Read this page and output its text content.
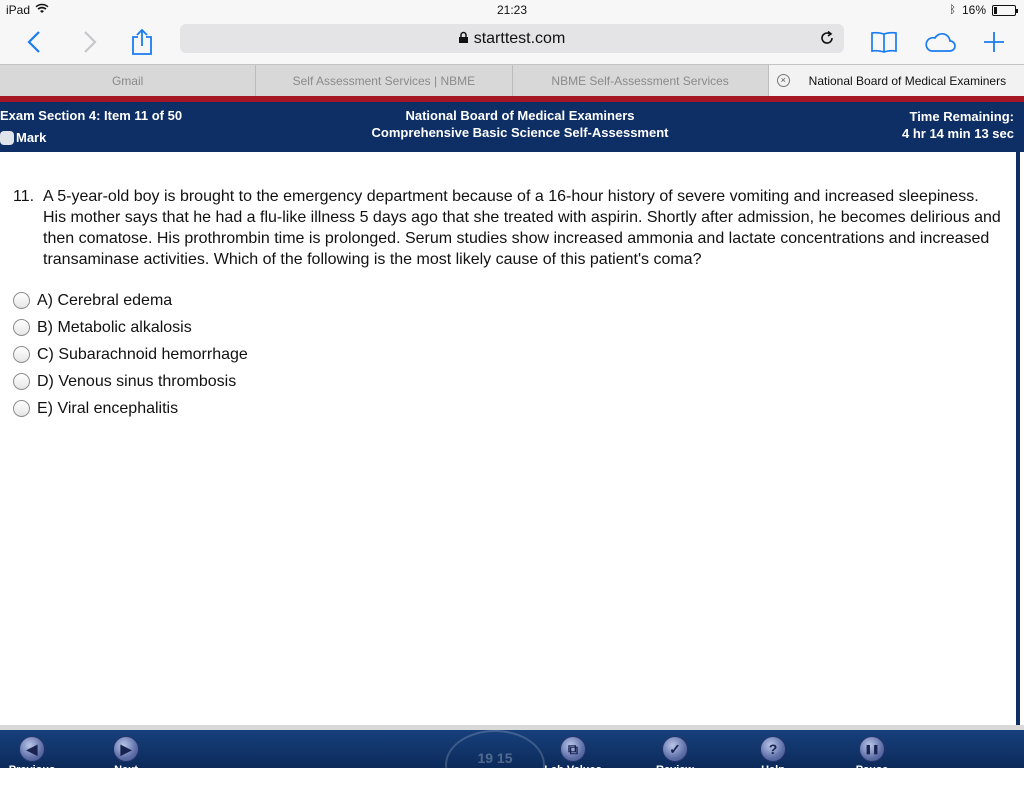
iPad	21:23	ᛒ 16%
starttest.com
Gmail	Self Assessment Services | NBME	NBME Self-Assessment Services	×	National Board of Medical Examiners
Exam Section 4: Item 11 of 50
Mark
National Board of Medical Examiners
Comprehensive Basic Science Self-Assessment
Time Remaining:
4 hr 14 min 13 sec
11. A 5-year-old boy is brought to the emergency department because of a 16-hour history of severe vomiting and increased sleepiness. His mother says that he had a flu-like illness 5 days ago that she treated with aspirin. Shortly after admission, he becomes delirious and then comatose. His prothrombin time is prolonged. Serum studies show increased ammonia and lactate concentrations and increased transaminase activities. Which of the following is the most likely cause of this patient's coma?
A) Cerebral edema
B) Metabolic alkalosis
C) Subarachnoid hemorrhage
D) Venous sinus thrombosis
E) Viral encephalitis
19 15
◀
Previous
▶
Next
⧉
Lab Values
✓
Review
?
Help
❚❚
Pause
